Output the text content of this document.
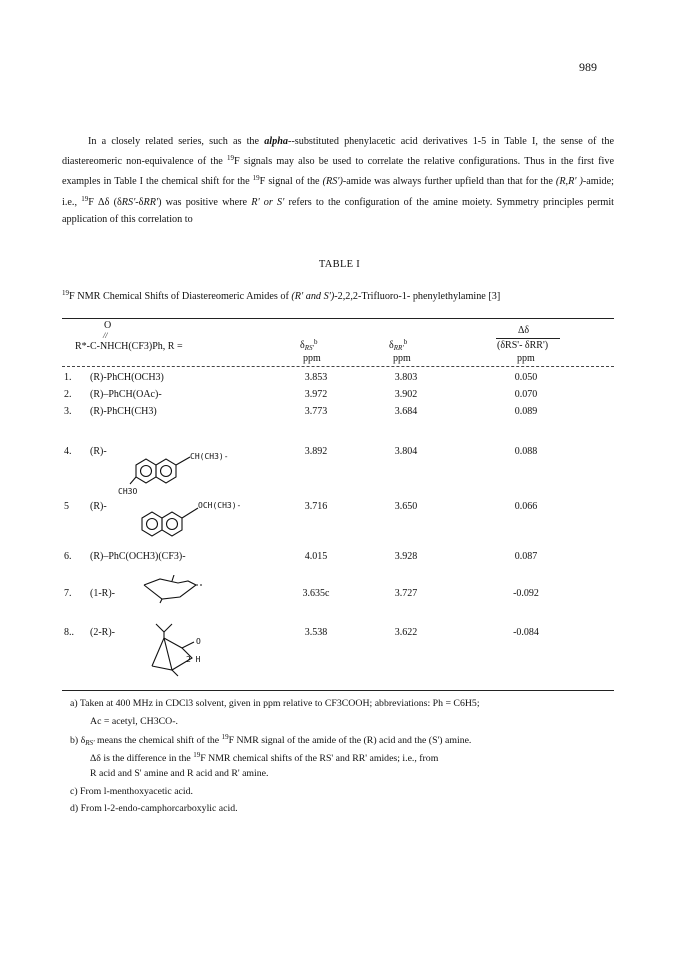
989

In a closely related series, such as the alpha--substituted phenylacetic acid derivatives 1-5 in Table I, the sense of the diastereomeric non-equivalence of the $^{19}$F signals may also be used to correlate the relative configurations. Thus in the first five examples in Table I the chemical shift for the $^{19}$F signal of the (RS')-amide was always further upfield than that for the (R,R' )-amide; i.e., $^{19}$F Δδ (δRS'-δRR') was positive where R' or S' refers to the configuration of the amine moiety. Symmetry principles permit application of this correlation to

TABLE I
$^{19}$F NMR Chemical Shifts of Diastereomeric Amides of (R' and S')-2,2,2-Trifluoro-1- phenylethylamine [3]
O
//
R*-C-NHCH(CF3)Ph, R =	$\delta_{RS'}^b$
ppm
$\delta_{RR'}^b$
ppm
Δδ
(δRS'- δRR')
ppm
1. (R)-PhCH(OCH3)	3.853	3.803	0.050
2. (R)–PhCH(OAc)-	3.972	3.902	0.070
3. (R)-PhCH(CH3)	3.773	3.684	0.089
4. (R)-	3.892	3.804	0.088
5 (R)-	3.716	3.650	0.066
6. (R)–PhC(OCH3)(CF3)-	4.015	3.928	0.087
7. (1-R)-	3.635c	3.727	-0.092
8.. (2-R)-	3.538	3.622	-0.084
CH(CH3)-
CH3O
OCH(CH3)-
O
2 H
a) Taken at 400 MHz in CDCl3 solvent, given in ppm relative to CF3COOH; abbreviations: Ph = C6H5;
Ac = acetyl, CH3CO-.
b) $\delta_{RS'}$ means the chemical shift of the $^{19}$F NMR signal of the amide of the (R) acid and the (S') amine.
Δδ is the difference in the $^{19}$F NMR chemical shifts of the RS' and RR' amides; i.e., from
R acid and S' amine and R acid and R' amine.
c) From l-menthoxyacetic acid.
d) From l-2-endo-camphorcarboxylic acid.
